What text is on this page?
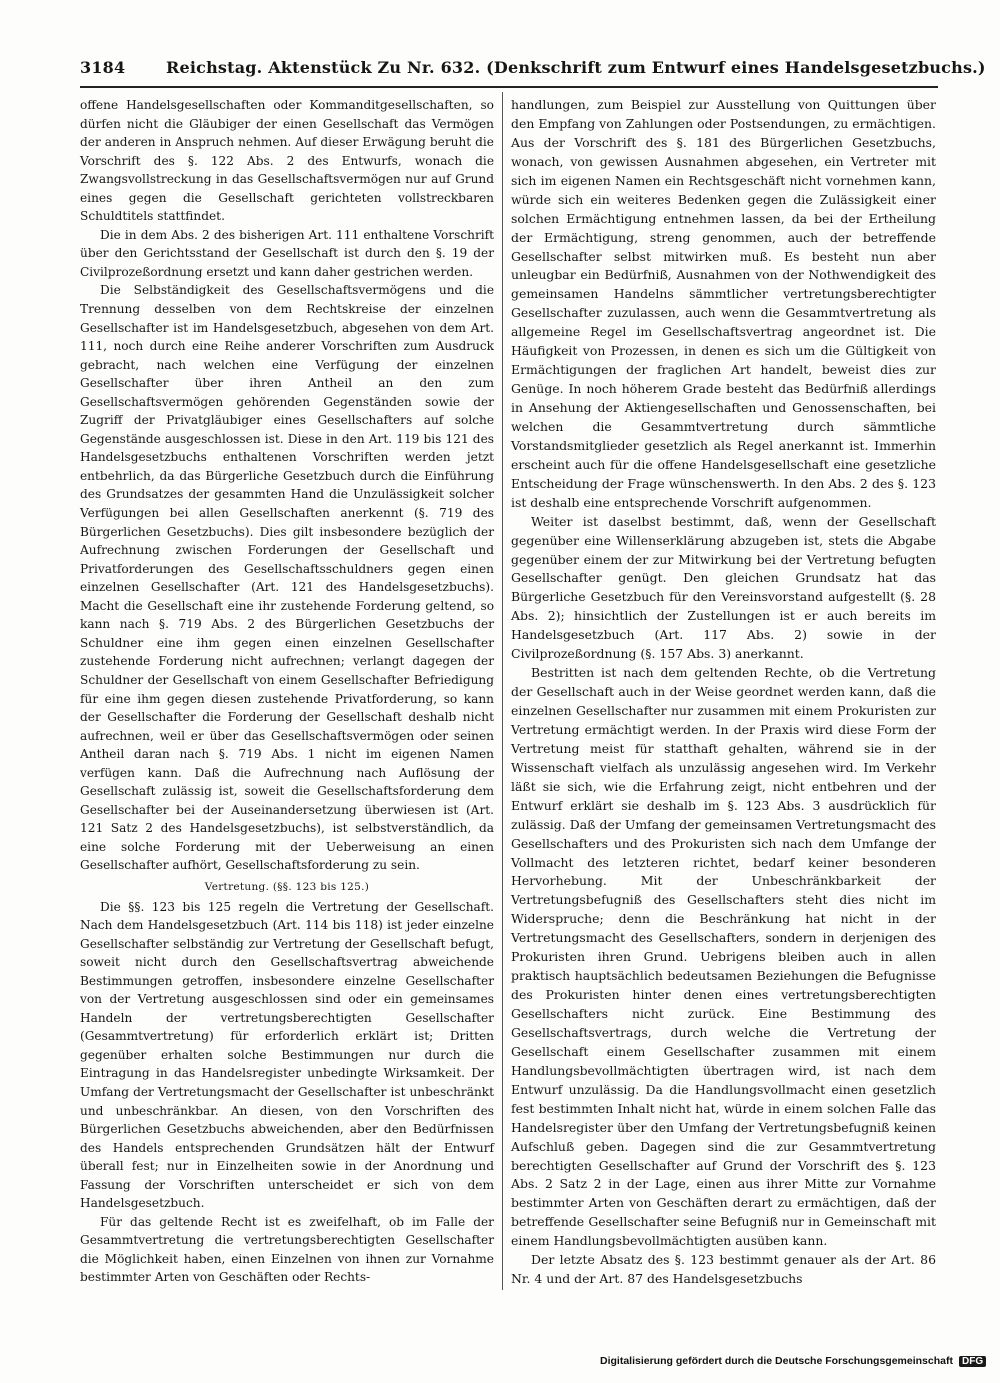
3184	Reichstag. Aktenstück Zu Nr. 632. (Denkschrift zum Entwurf eines Handelsgesetzbuchs.)

offene Handelsgesellschaften oder Kommanditgesellschaften, so dürfen nicht die Gläubiger der einen Gesellschaft das Vermögen der anderen in Anspruch nehmen. Auf dieser Erwägung beruht die Vorschrift des §. 122 Abs. 2 des Entwurfs, wonach die Zwangsvollstreckung in das Gesellschaftsvermögen nur auf Grund eines gegen die Gesellschaft gerichteten vollstreckbaren Schuldtitels stattfindet.

Die in dem Abs. 2 des bisherigen Art. 111 enthaltene Vorschrift über den Gerichtsstand der Gesellschaft ist durch den §. 19 der Civilprozeßordnung ersetzt und kann daher gestrichen werden.

Die Selbständigkeit des Gesellschaftsvermögens und die Trennung desselben von dem Rechtskreise der einzelnen Gesellschafter ist im Handelsgesetzbuch, abgesehen von dem Art. 111, noch durch eine Reihe anderer Vorschriften zum Ausdruck gebracht, nach welchen eine Verfügung der einzelnen Gesellschafter über ihren Antheil an den zum Gesellschaftsvermögen gehörenden Gegenständen sowie der Zugriff der Privatgläubiger eines Gesellschafters auf solche Gegenstände ausgeschlossen ist. Diese in den Art. 119 bis 121 des Handelsgesetzbuchs enthaltenen Vorschriften werden jetzt entbehrlich, da das Bürgerliche Gesetzbuch durch die Einführung des Grundsatzes der gesammten Hand die Unzulässigkeit solcher Verfügungen bei allen Gesellschaften anerkennt (§. 719 des Bürgerlichen Gesetzbuchs). Dies gilt insbesondere bezüglich der Aufrechnung zwischen Forderungen der Gesellschaft und Privatforderungen des Gesellschaftsschuldners gegen einen einzelnen Gesellschafter (Art. 121 des Handelsgesetzbuchs). Macht die Gesellschaft eine ihr zustehende Forderung geltend, so kann nach §. 719 Abs. 2 des Bürgerlichen Gesetzbuchs der Schuldner eine ihm gegen einen einzelnen Gesellschafter zustehende Forderung nicht aufrechnen; verlangt dagegen der Schuldner der Gesellschaft von einem Gesellschafter Befriedigung für eine ihm gegen diesen zustehende Privatforderung, so kann der Gesellschafter die Forderung der Gesellschaft deshalb nicht aufrechnen, weil er über das Gesellschaftsvermögen oder seinen Antheil daran nach §. 719 Abs. 1 nicht im eigenen Namen verfügen kann. Daß die Aufrechnung nach Auflösung der Gesellschaft zulässig ist, soweit die Gesellschaftsforderung dem Gesellschafter bei der Auseinandersetzung überwiesen ist (Art. 121 Satz 2 des Handelsgesetzbuchs), ist selbstverständlich, da eine solche Forderung mit der Ueberweisung an einen Gesellschafter aufhört, Gesellschaftsforderung zu sein.

Vertretung. (§§. 123 bis 125.)

Die §§. 123 bis 125 regeln die Vertretung der Gesellschaft. Nach dem Handelsgesetzbuch (Art. 114 bis 118) ist jeder einzelne Gesellschafter selbständig zur Vertretung der Gesellschaft befugt, soweit nicht durch den Gesellschaftsvertrag abweichende Bestimmungen getroffen, insbesondere einzelne Gesellschafter von der Vertretung ausgeschlossen sind oder ein gemeinsames Handeln der vertretungsberechtigten Gesellschafter (Gesammtvertretung) für erforderlich erklärt ist; Dritten gegenüber erhalten solche Bestimmungen nur durch die Eintragung in das Handelsregister unbedingte Wirksamkeit. Der Umfang der Vertretungsmacht der Gesellschafter ist unbeschränkt und unbeschränkbar. An diesen, von den Vorschriften des Bürgerlichen Gesetzbuchs abweichenden, aber den Bedürfnissen des Handels entsprechenden Grundsätzen hält der Entwurf überall fest; nur in Einzelheiten sowie in der Anordnung und Fassung der Vorschriften unterscheidet er sich von dem Handelsgesetzbuch.

Für das geltende Recht ist es zweifelhaft, ob im Falle der Gesammtvertretung die vertretungsberechtigten Gesellschafter die Möglichkeit haben, einen Einzelnen von ihnen zur Vornahme bestimmter Arten von Geschäften oder Rechts-

handlungen, zum Beispiel zur Ausstellung von Quittungen über den Empfang von Zahlungen oder Postsendungen, zu ermächtigen. Aus der Vorschrift des §. 181 des Bürgerlichen Gesetzbuchs, wonach, von gewissen Ausnahmen abgesehen, ein Vertreter mit sich im eigenen Namen ein Rechtsgeschäft nicht vornehmen kann, würde sich ein weiteres Bedenken gegen die Zulässigkeit einer solchen Ermächtigung entnehmen lassen, da bei der Ertheilung der Ermächtigung, streng genommen, auch der betreffende Gesellschafter selbst mitwirken muß. Es besteht nun aber unleugbar ein Bedürfniß, Ausnahmen von der Nothwendigkeit des gemeinsamen Handelns sämmtlicher vertretungsberechtigter Gesellschafter zuzulassen, auch wenn die Gesammtvertretung als allgemeine Regel im Gesellschaftsvertrag angeordnet ist. Die Häufigkeit von Prozessen, in denen es sich um die Gültigkeit von Ermächtigungen der fraglichen Art handelt, beweist dies zur Genüge. In noch höherem Grade besteht das Bedürfniß allerdings in Ansehung der Aktiengesellschaften und Genossenschaften, bei welchen die Gesammtvertretung durch sämmtliche Vorstandsmitglieder gesetzlich als Regel anerkannt ist. Immerhin erscheint auch für die offene Handelsgesellschaft eine gesetzliche Entscheidung der Frage wünschenswerth. In den Abs. 2 des §. 123 ist deshalb eine entsprechende Vorschrift aufgenommen.

Weiter ist daselbst bestimmt, daß, wenn der Gesellschaft gegenüber eine Willenserklärung abzugeben ist, stets die Abgabe gegenüber einem der zur Mitwirkung bei der Vertretung befugten Gesellschafter genügt. Den gleichen Grundsatz hat das Bürgerliche Gesetzbuch für den Vereinsvorstand aufgestellt (§. 28 Abs. 2); hinsichtlich der Zustellungen ist er auch bereits im Handelsgesetzbuch (Art. 117 Abs. 2) sowie in der Civilprozeßordnung (§. 157 Abs. 3) anerkannt.

Bestritten ist nach dem geltenden Rechte, ob die Vertretung der Gesellschaft auch in der Weise geordnet werden kann, daß die einzelnen Gesellschafter nur zusammen mit einem Prokuristen zur Vertretung ermächtigt werden. In der Praxis wird diese Form der Vertretung meist für statthaft gehalten, während sie in der Wissenschaft vielfach als unzulässig angesehen wird. Im Verkehr läßt sie sich, wie die Erfahrung zeigt, nicht entbehren und der Entwurf erklärt sie deshalb im §. 123 Abs. 3 ausdrücklich für zulässig. Daß der Umfang der gemeinsamen Vertretungsmacht des Gesellschafters und des Prokuristen sich nach dem Umfange der Vollmacht des letzteren richtet, bedarf keiner besonderen Hervorhebung. Mit der Unbeschränkbarkeit der Vertretungsbefugniß des Gesellschafters steht dies nicht im Widerspruche; denn die Beschränkung hat nicht in der Vertretungsmacht des Gesellschafters, sondern in derjenigen des Prokuristen ihren Grund. Uebrigens bleiben auch in allen praktisch hauptsächlich bedeutsamen Beziehungen die Befugnisse des Prokuristen hinter denen eines vertretungsberechtigten Gesellschafters nicht zurück. Eine Bestimmung des Gesellschaftsvertrags, durch welche die Vertretung der Gesellschaft einem Gesellschafter zusammen mit einem Handlungsbevollmächtigten übertragen wird, ist nach dem Entwurf unzulässig. Da die Handlungsvollmacht einen gesetzlich fest bestimmten Inhalt nicht hat, würde in einem solchen Falle das Handelsregister über den Umfang der Vertretungsbefugniß keinen Aufschluß geben. Dagegen sind die zur Gesammtvertretung berechtigten Gesellschafter auf Grund der Vorschrift des §. 123 Abs. 2 Satz 2 in der Lage, einen aus ihrer Mitte zur Vornahme bestimmter Arten von Geschäften derart zu ermächtigen, daß der betreffende Gesellschafter seine Befugniß nur in Gemeinschaft mit einem Handlungsbevollmächtigten ausüben kann.

Der letzte Absatz des §. 123 bestimmt genauer als der Art. 86 Nr. 4 und der Art. 87 des Handelsgesetzbuchs

Digitalisierung gefördert durch die Deutsche Forschungsgemeinschaft DFG
